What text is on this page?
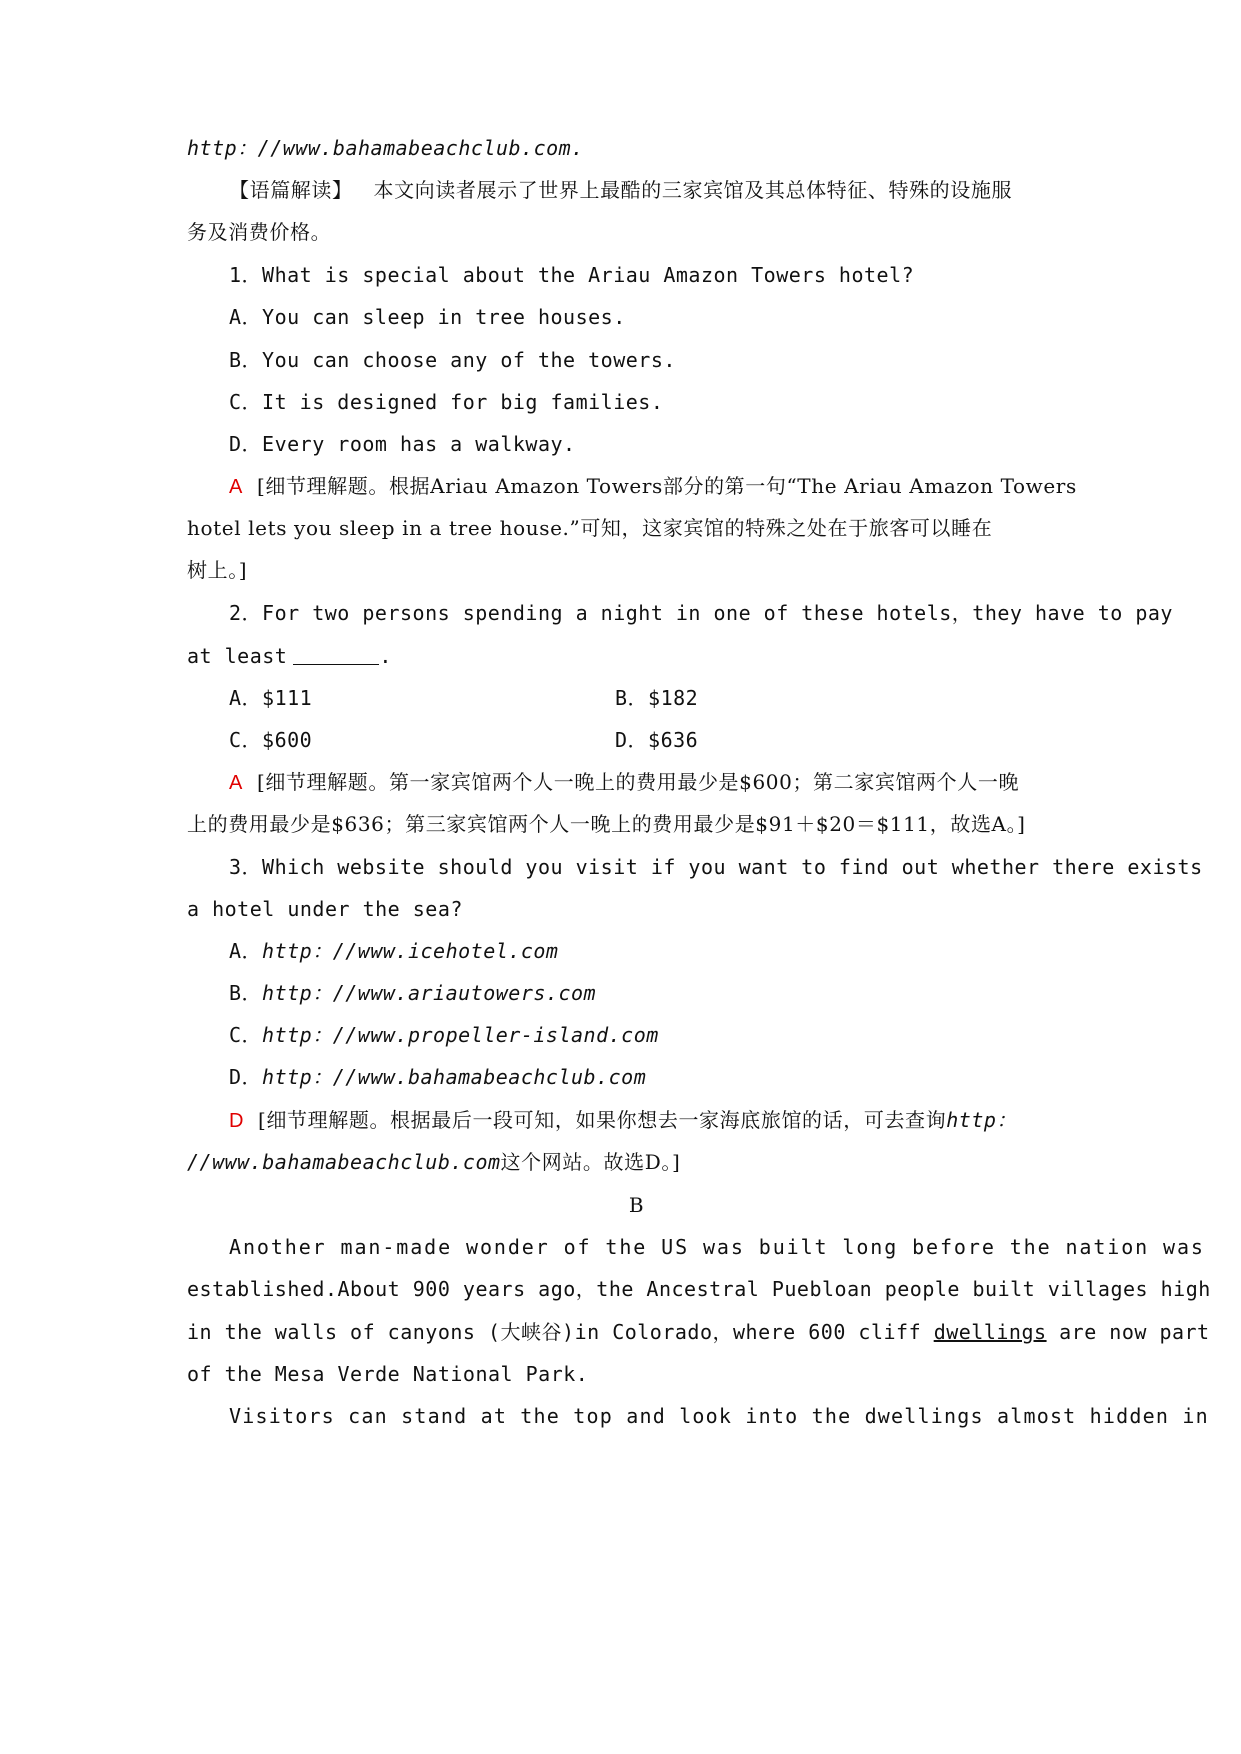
http：//www.bahamabeachclub.com.
【语篇解读】 本文向读者展示了世界上最酷的三家宾馆及其总体特征、特殊的设施服
务及消费价格。
1．What is special about the Ariau Amazon Towers hotel?
A．You can sleep in tree houses.
B．You can choose any of the towers.
C．It is designed for big families.
D．Every room has a walkway.
A [细节理解题。根据Ariau Amazon Towers部分的第一句“The Ariau Amazon Towers
hotel lets you sleep in a tree house.”可知，这家宾馆的特殊之处在于旅客可以睡在
树上。]
2．For two persons spending a night in one of these hotels，they have to pay
at least	.
A．$111	B．$182
C．$600	D．$636
A [细节理解题。第一家宾馆两个人一晚上的费用最少是$600；第二家宾馆两个人一晚
上的费用最少是$636；第三家宾馆两个人一晚上的费用最少是$91＋$20＝$111，故选A。]
3．Which website should you visit if you want to find out whether there exists
a hotel under the sea?
A．http：//www.icehotel.com
B．http：//www.ariautowers.com
C．http：//www.propeller-island.com
D．http：//www.bahamabeachclub.com
D [细节理解题。根据最后一段可知，如果你想去一家海底旅馆的话，可去查询http：
//www.bahamabeachclub.com这个网站。故选D。]
B
Another man-made wonder of the US was built long before the nation was
established.About 900 years ago，the Ancestral Puebloan people built villages high
in the walls of canyons (大峡谷)in Colorado，where 600 cliff dwellings are now part
of the Mesa Verde National Park.
Visitors can stand at the top and look into the dwellings almost hidden in
